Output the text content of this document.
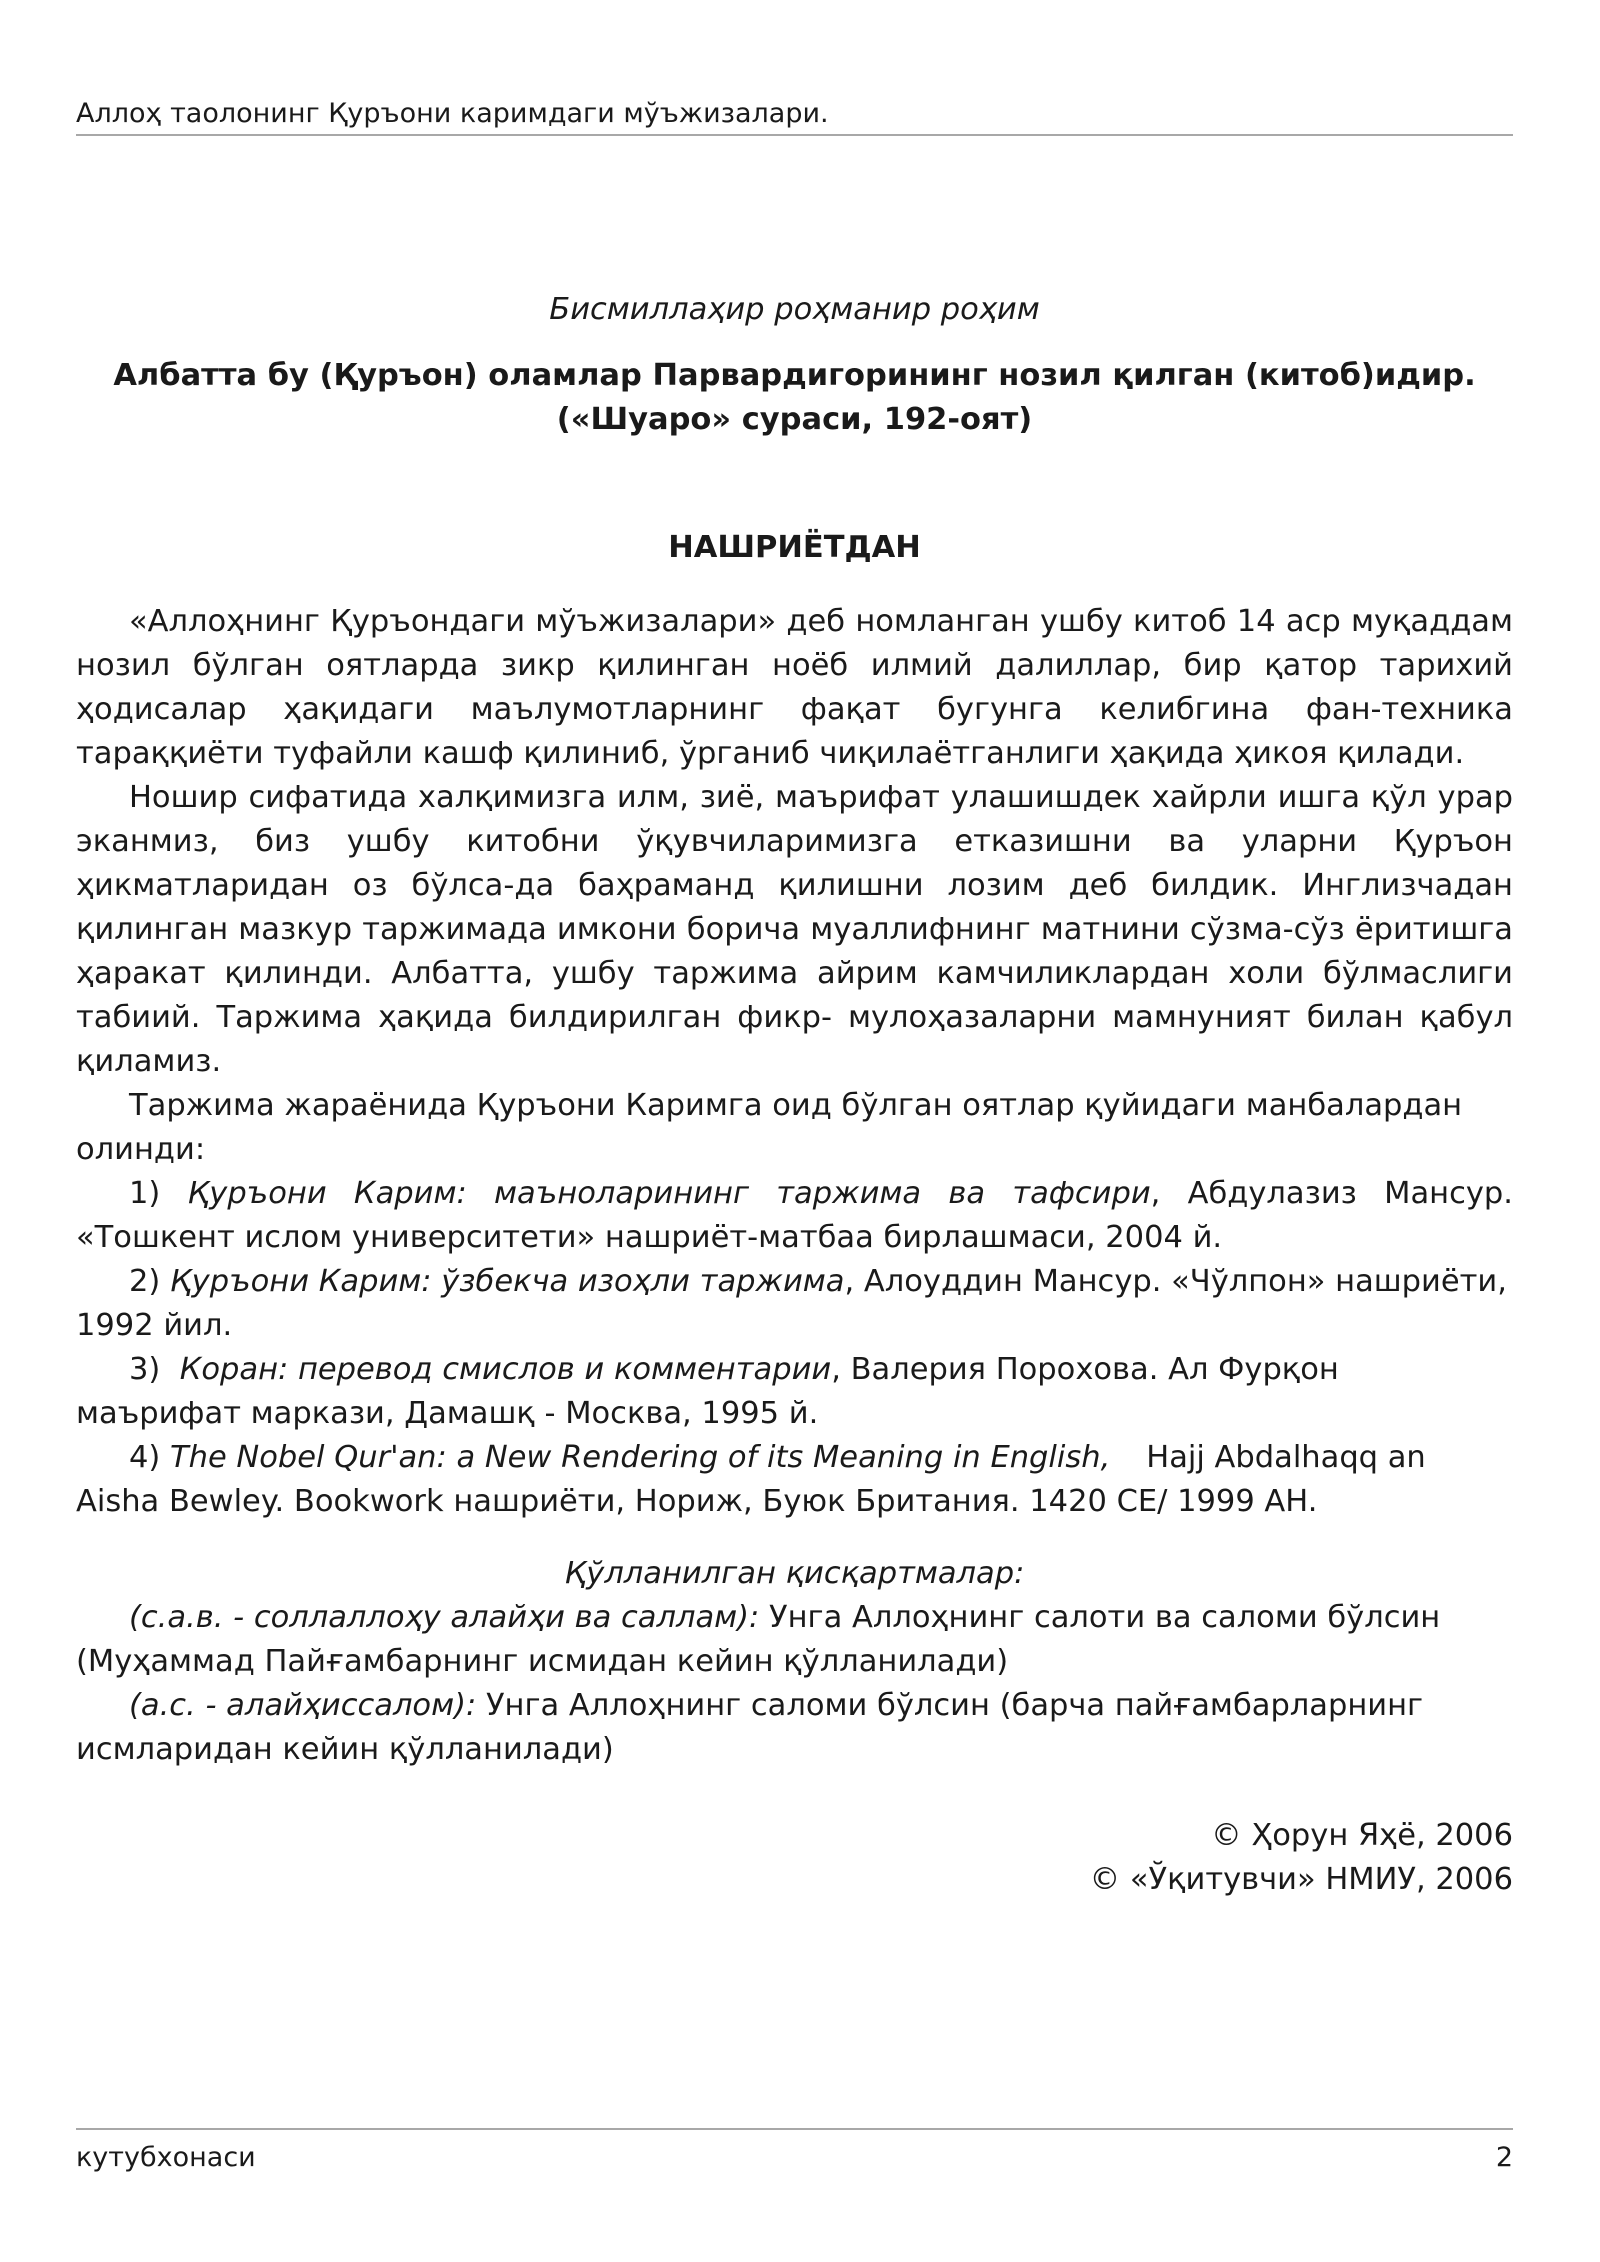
Аллоҳ таолонинг Қуръони каримдаги мўъжизалари.
Бисмиллаҳир роҳманир роҳим
Албатта бу (Қуръон) оламлар Парвардигорининг нозил қилган (китоб)идир.
(«Шуаро» сураси, 192-оят)
НАШРИЁТДАН

«Аллоҳнинг Қуръондаги мўъжизалари» деб номланган ушбу китоб 14 аср муқаддам нозил бўлган оятларда зикр қилинган ноёб илмий далиллар, бир қатор тарихий ҳодисалар ҳақидаги маълумотларнинг фақат бугунга келибгина фан-техника тараққиёти туфайли кашф қилиниб, ўрганиб чиқилаётганлиги ҳақида ҳикоя қилади.

Ношир сифатида халқимизга илм, зиё, маърифат улашишдек хайрли ишга қўл урар эканмиз, биз ушбу китобни ўқувчиларимизга етказишни ва уларни Қуръон ҳикматларидан оз бўлса-да баҳраманд қилишни лозим деб билдик. Инглизчадан қилинган мазкур таржимада имкони борича муаллифнинг матнини сўзма-сўз ёритишга ҳаракат қилинди. Албатта, ушбу таржима айрим камчиликлардан холи бўлмаслиги табиий. Таржима ҳақида билдирилган фикр- мулоҳазаларни мамнуният билан қабул қиламиз.

Таржима жараёнида Қуръони Каримга оид бўлган оятлар қуйидаги манбалардан олинди:

1) Қуръони Карим: маъноларининг таржима ва тафсири, Абдулазиз Мансур. «Тошкент ислом университети» нашриёт-матбаа бирлашмаси, 2004 й.

2) Қуръони Карим: ўзбекча изоҳли таржима, Алоуддин Мансур. «Чўлпон» нашриёти, 1992 йил.

3) Коран: перевод смислов и комментарии, Валерия Порохова. Ал Фурқон маърифат маркази, Дамашқ - Москва, 1995 й.

4) The Nobel Qur'an: a New Rendering of its Meaning in English, Hajj Abdalhaqq an Aisha Bewley. Bookwork нашриёти, Нориж, Буюк Британия. 1420 CE/ 1999 AH.

Қўлланилган қисқартмалар:

(с.а.в. - соллаллоҳу алайҳи ва саллам): Унга Аллоҳнинг салоти ва саломи бўлсин (Муҳаммад Пайғамбарнинг исмидан кейин қўлланилади)

(а.с. - алайҳиссалом): Унга Аллоҳнинг саломи бўлсин (барча пайғамбарларнинг исмларидан кейин қўлланилади)

© Ҳорун Яҳё, 2006
© «Ўқитувчи» НМИУ, 2006
кутубхонаси	2
